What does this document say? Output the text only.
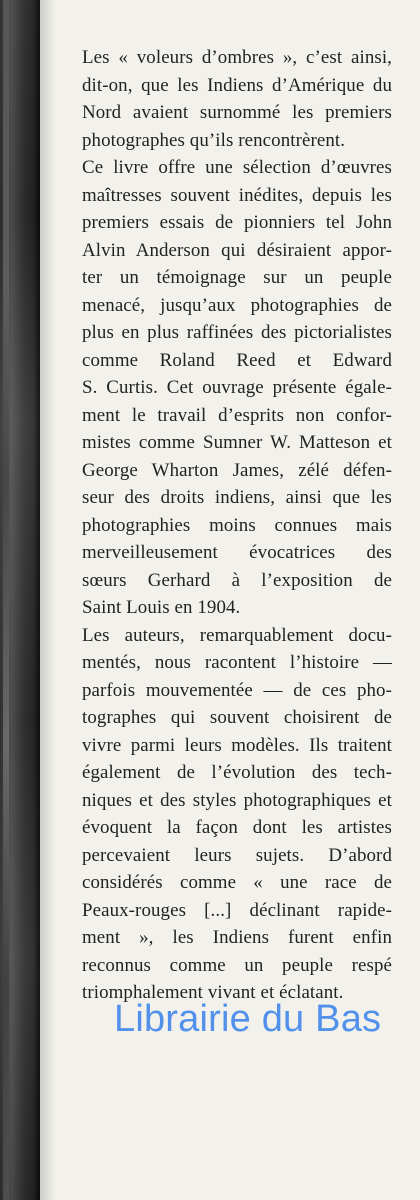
Les « voleurs d’ombres », c’est ainsi,
dit-on, que les Indiens d’Amérique du
Nord avaient surnommé les premiers
photographes qu’ils rencontrèrent.
Ce livre offre une sélection d’œuvres
maîtresses souvent inédites, depuis les
premiers essais de pionniers tel John
Alvin Anderson qui désiraient appor-
ter un témoignage sur un peuple
menacé, jusqu’aux photographies de
plus en plus raffinées des pictorialistes
comme Roland Reed et Edward
S. Curtis. Cet ouvrage présente égale-
ment le travail d’esprits non confor-
mistes comme Sumner W. Matteson et
George Wharton James, zélé défen-
seur des droits indiens, ainsi que les
photographies moins connues mais
merveilleusement évocatrices des
sœurs Gerhard à l’exposition de
Saint Louis en 1904.
Les auteurs, remarquablement docu-
mentés, nous racontent l’histoire —
parfois mouvementée — de ces pho-
tographes qui souvent choisirent de
vivre parmi leurs modèles. Ils traitent
également de l’évolution des tech-
niques et des styles photographiques et
évoquent la façon dont les artistes
percevaient leurs sujets. D’abord
considérés comme « une race de
Peaux-rouges [...] déclinant rapide-
ment », les Indiens furent enfin
reconnus comme un peuple respé
triomphalement vivant et éclatant.
Librairie du Bas
